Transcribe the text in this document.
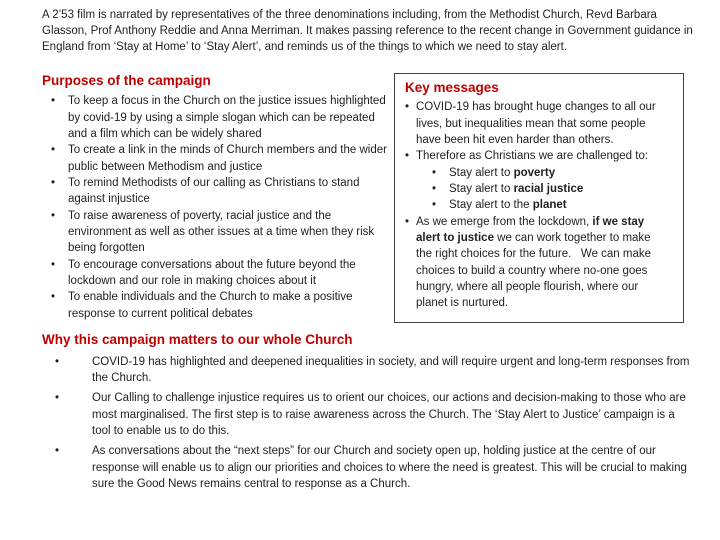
A 2’53 film is narrated by representatives of the three denominations including, from the Methodist Church, Revd Barbara Glasson, Prof Anthony Reddie and Anna Merriman. It makes passing reference to the recent change in Government guidance in England from ‘Stay at Home’ to ‘Stay Alert’, and reminds us of the things to which we need to stay alert.

Purposes of the campaign
• To keep a focus in the Church on the justice issues highlighted by covid-19 by using a simple slogan which can be repeated and a film which can be widely shared
• To create a link in the minds of Church members and the wider public between Methodism and justice
• To remind Methodists of our calling as Christians to stand against injustice
• To raise awareness of poverty, racial justice and the environment as well as other issues at a time when they risk being forgotten
• To encourage conversations about the future beyond the lockdown and our role in making choices about it
• To enable individuals and the Church to make a positive response to current political debates
Key messages
• COVID-19 has brought huge changes to all our lives, but inequalities mean that some people have been hit even harder than others.
• Therefore as Christians we are challenged to:
• Stay alert to poverty
• Stay alert to racial justice
• Stay alert to the planet
• As we emerge from the lockdown, if we stay alert to justice we can work together to make the right choices for the future.   We can make choices to build a country where no-one goes hungry, where all people flourish, where our planet is nurtured.
Why this campaign matters to our whole Church
• COVID-19 has highlighted and deepened inequalities in society, and will require urgent and long-term responses from the Church.
• Our Calling to challenge injustice requires us to orient our choices, our actions and decision-making to those who are most marginalised. The first step is to raise awareness across the Church. The ‘Stay Alert to Justice’ campaign is a tool to enable us to do this.
• As conversations about the “next steps” for our Church and society open up, holding justice at the centre of our response will enable us to align our priorities and choices to where the need is greatest. This will be crucial to making sure the Good News remains central to response as a Church.
